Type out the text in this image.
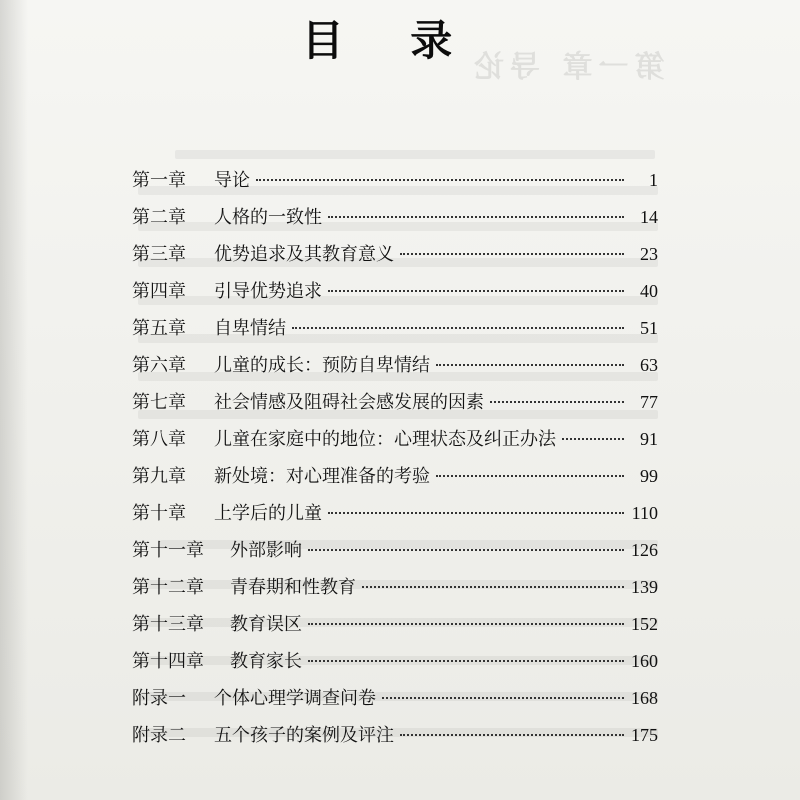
第一章 导论
目 录
第一章	导论	1
第二章	人格的一致性	14
第三章	优势追求及其教育意义	23
第四章	引导优势追求	40
第五章	自卑情结	51
第六章	儿童的成长：预防自卑情结	63
第七章	社会情感及阻碍社会感发展的因素	77
第八章	儿童在家庭中的地位：心理状态及纠正办法	91
第九章	新处境：对心理准备的考验	99
第十章	上学后的儿童	110
第十一章	外部影响	126
第十二章	青春期和性教育	139
第十三章	教育误区	152
第十四章	教育家长	160
附录一	个体心理学调查问卷	168
附录二	五个孩子的案例及评注	175
